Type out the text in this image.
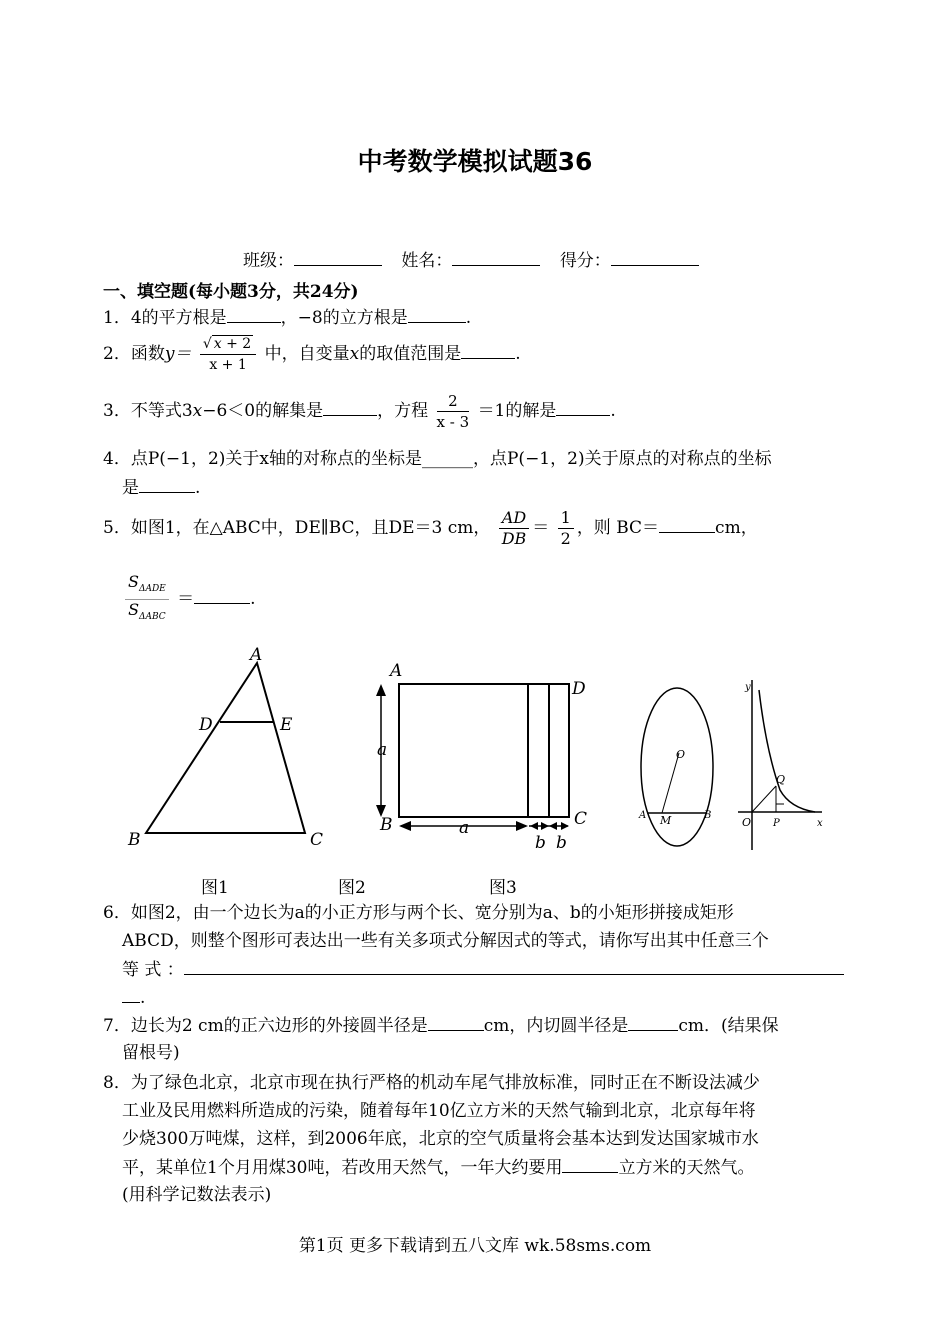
中考数学模拟试题36
班级：	姓名：	得分：
一、填空题(每小题3分，共24分)
1．4的平方根是	，−8的立方根是	.
2．函数$y= \frac{√ x + 2}{x + 1}$ 中，自变量x的取值范围是	.
3．不等式3x−6＜0的解集是	，方程 $\frac{2}{x - 3} =1$的解是	.
4．点P(−1，2)关于x轴的对称点的坐标是______，点P(−1，2)关于原点的对称点的坐标
是	.
5．如图1，在△ABC中，DE∥BC，且DE＝3 cm， $\frac{AD}{DB} = \frac{1}{2}$ ，则 BC＝	cm，
$\frac{S_{\Delta ADE}}{S_{\Delta ABC}}$ ＝	.
A
D	E
B	C
A
D
B	C
a
a
b b
O
A M	B
y
Q
O P	x
图1	图2	图3
6．如图2，由一个边长为a的小正方形与两个长、宽分别为a、b的小矩形拼接成矩形
ABCD，则整个图形可表达出一些有关多项式分解因式的等式，请你写出其中任意三个
等 式 ：
.
7．边长为2 cm的正六边形的外接圆半径是	cm，内切圆半径是	cm．(结果保
留根号)
8．为了绿色北京，北京市现在执行严格的机动车尾气排放标准，同时正在不断设法减少
工业及民用燃料所造成的污染，随着每年10亿立方米的天然气输到北京，北京每年将
少烧300万吨煤，这样，到2006年底，北京的空气质量将会基本达到发达国家城市水
平，某单位1个月用煤30吨，若改用天然气，一年大约要用	立方米的天然气。
(用科学记数法表示)
第1页 更多下载请到五八文库 wk.58sms.com
